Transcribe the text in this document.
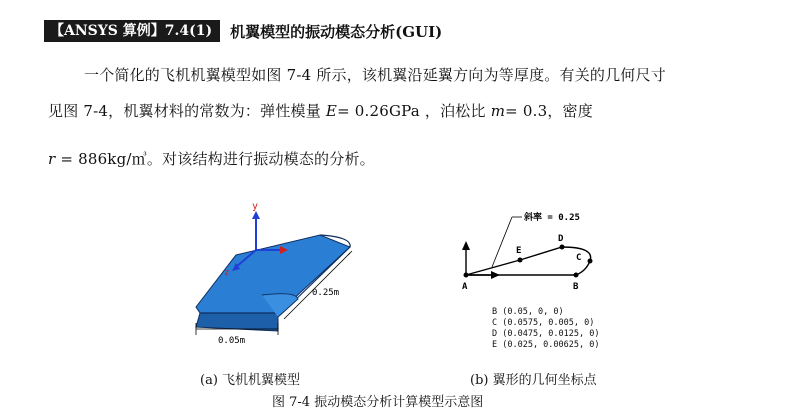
【ANSYS 算例】7.4(1)	机翼模型的振动模态分析(GUI)
一个简化的飞机机翼模型如图 7-4 所示，该机翼沿延翼方向为等厚度。有关的几何尺寸
见图 7-4，机翼材料的常数为：弹性模量 E= 0.26GPa ，泊松比 m= 0.3，密度
r = 886kg/㎥。对该结构进行振动模态的分析。
y
z
0.25m
0.05m
斜率 = 0.25
A	B
C
D
E
B (0.05, 0, 0)
C (0.0575, 0.005, 0)
D (0.0475, 0.0125, 0)
E (0.025, 0.00625, 0)
(a) 飞机机翼模型	(b) 翼形的几何坐标点
图 7-4 振动模态分析计算模型示意图
